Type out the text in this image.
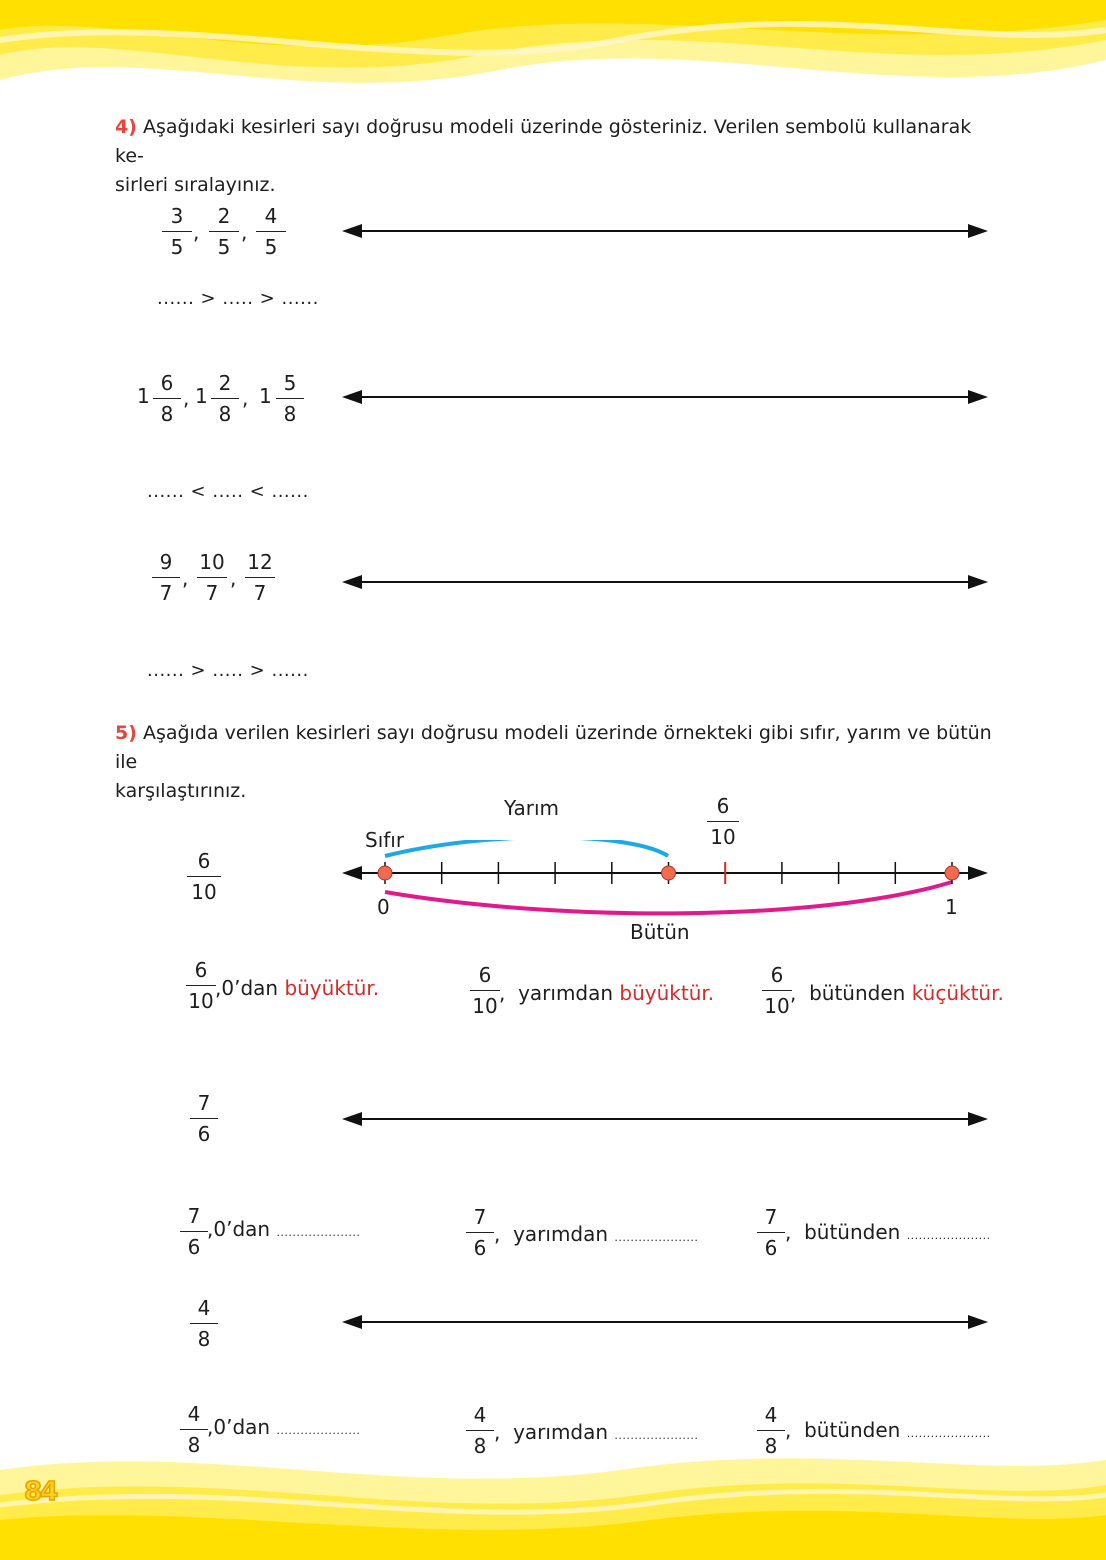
4) Aşağıdaki kesirleri sayı doğrusu modeli üzerinde gösteriniz. Verilen sembolü kullanarak ke-
sirleri sıralayınız.
3
5
,
2
5
,
4
5
...... > ..... > ......
1
6
8
, 1
2
8
, 1
5
8
...... < ..... < ......
9
7
,
10
7
,
12
7
...... > ..... > ......
5) Aşağıda verilen kesirleri sayı doğrusu modeli üzerinde örnekteki gibi sıfır, yarım ve bütün ile
karşılaştırınız.
6
10
Yarım
Sıfır
6
10
0	1
Bütün
6
10
,0’dan büyüktür.
6
10
,  yarımdan büyüktür.
6
10
,  bütünden küçüktür.
7
6
7
6
,0’dan .....................
7
6
,  yarımdan .....................
7
6
,  bütünden .....................
4
8
4
8
,0’dan .....................
4
8
,  yarımdan .....................
4
8
,  bütünden .....................
84
